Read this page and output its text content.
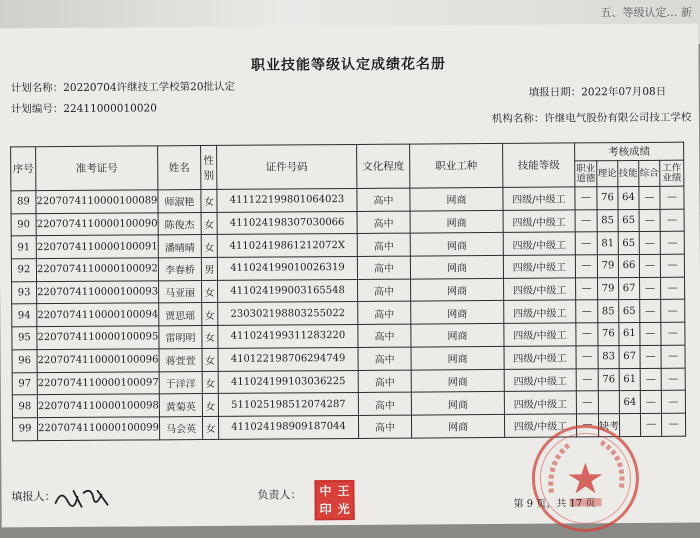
五、等级认定… 新
职业技能等级认定成绩花名册
计划名称：20220704许继技工学校第20批认定	填报日期：2022年07月08日
计划编号：22411000010020
机构名称：许继电气股份有限公司技工学校
序号	准考证号	姓名	性别	证件号码	文化程度	职业工种	技能等级	考核成绩				
								职业道德	理论	技能	综合	工作业绩
89	2207074110000100089	师淑艳	女	411122199801064023	高中	网商	四级/中级工	—	76	64	—	—
90	2207074110000100090	陈俊杰	女	411024198307030066	高中	网商	四级/中级工	—	85	65	—	—
91	2207074110000100091	潘晴晴	女	41102419861212072X	高中	网商	四级/中级工	—	81	65	—	—
92	2207074110000100092	李春桥	男	411024199010026319	高中	网商	四级/中级工	—	79	66	—	—
93	2207074110000100093	马亚丽	女	411024199003165548	高中	网商	四级/中级工	—	79	67	—	—
94	2207074110000100094	贾思瑶	女	230302198803255022	高中	网商	四级/中级工	—	85	65	—	—
95	2207074110000100095	雷明明	女	411024199311283220	高中	网商	四级/中级工	—	76	61	—	—
96	2207074110000100096	蒋萱萱	女	410122198706294749	高中	网商	四级/中级工	—	83	67	—	—
97	2207074110000100097	于洋洋	女	411024199103036225	高中	网商	四级/中级工	—	76	61	—	—
98	2207074110000100098	黄菊英	女	511025198512074287	高中	网商	四级/中级工	—		64	—	—
99	2207074110000100099	马会英	女	411024198909187044	高中	网商	四级/中级工	—	缺考		—	—
填报人：	负责人： 中 王
印 光	第 9 页，共 17 页
